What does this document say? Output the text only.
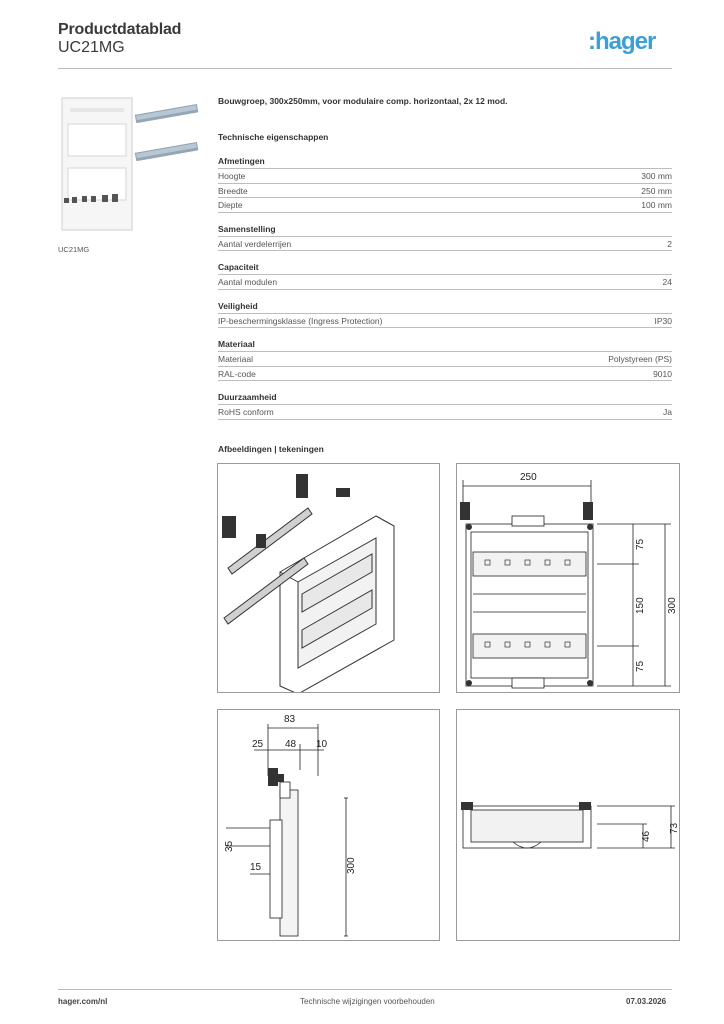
Productdatablad
UC21MG	:hager
UC21MG
Bouwgroep, 300x250mm, voor modulaire comp. horizontaal, 2x 12 mod.
Technische eigenschappen
Afmetingen
Hoogte	300 mm
Breedte	250 mm
Diepte	100 mm
Samenstelling
Aantal verdelerrijen	2
Capaciteit
Aantal modulen	24
Veiligheid
IP-beschermingsklasse (Ingress Protection)	IP30
Materiaal
Materiaal	Polystyreen (PS)
RAL-code	9010
Duurzaamheid
RoHS conform	Ja
Afbeeldingen | tekeningen
250
75
150
75
300
83
25 48 10
35
15	300
46
73
hager.com/nl	Technische wijzigingen voorbehouden	07.03.2026
